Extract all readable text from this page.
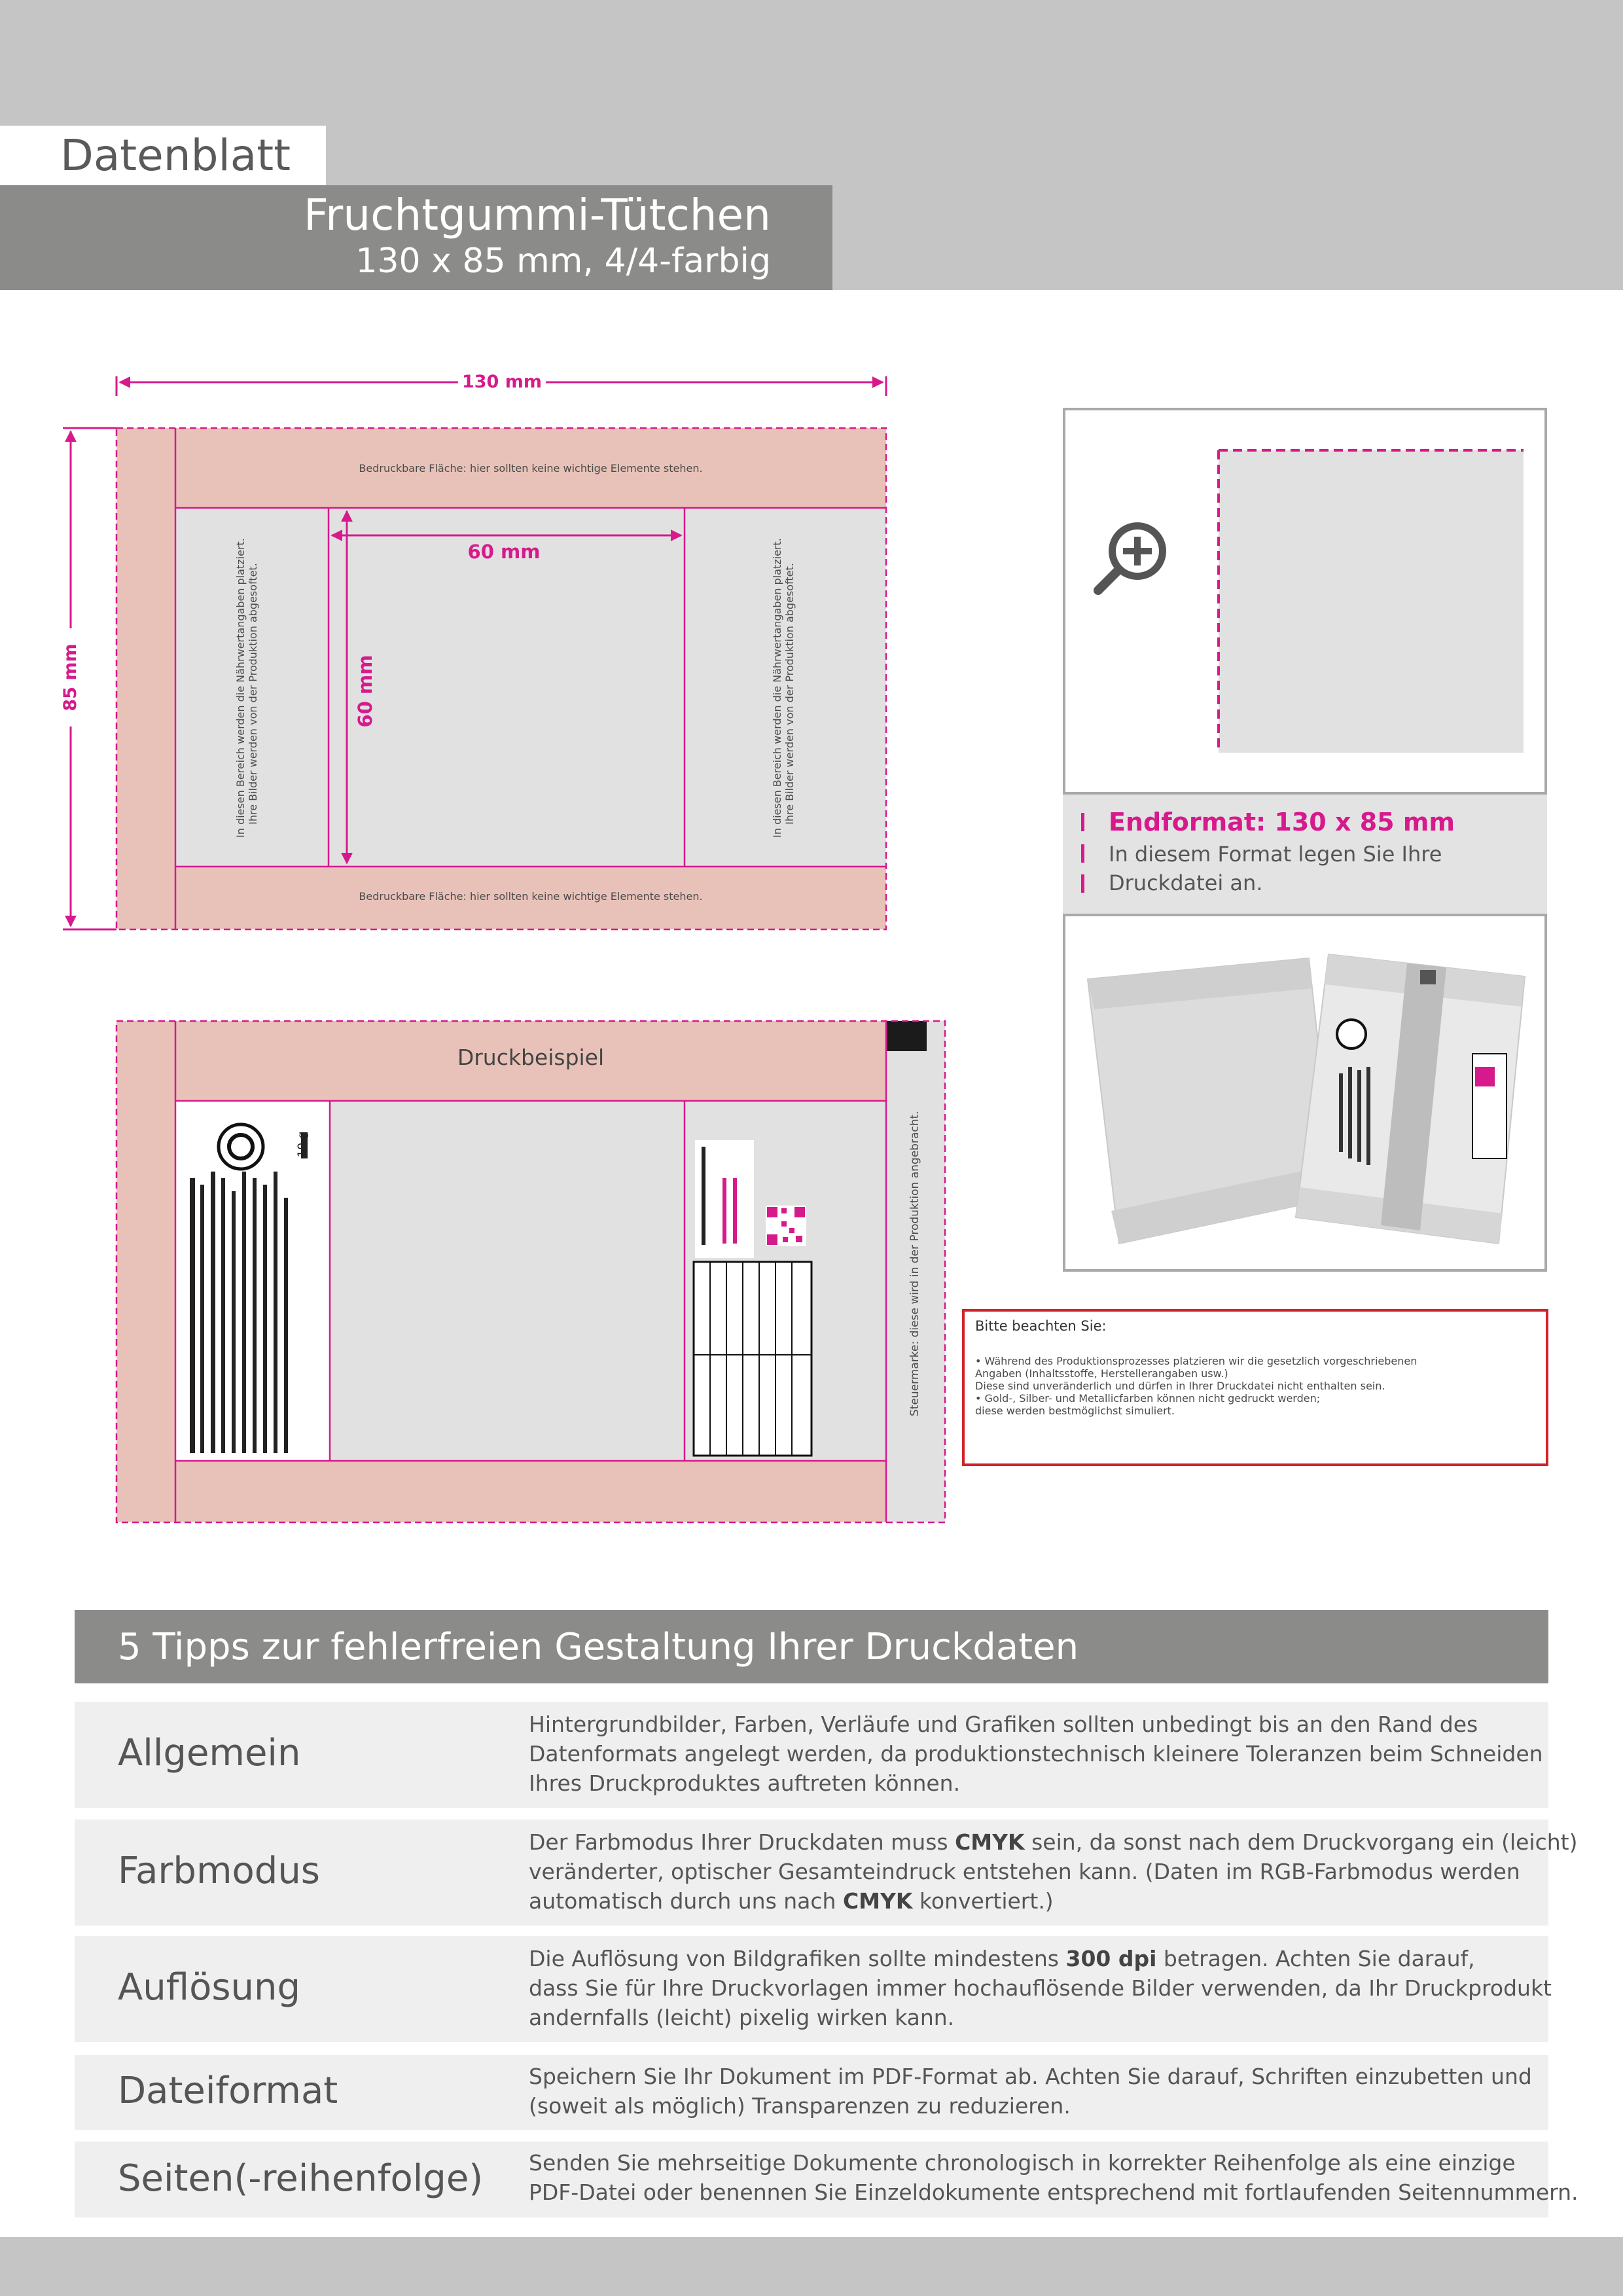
Datenblatt
Fruchtgummi-Tütchen
130 x 85 mm, 4/4-farbig
130 mm
85 mm
60 mm
60 mm
Bedruckbare Fläche: hier sollten keine wichtige Elemente stehen.
Bedruckbare Fläche: hier sollten keine wichtige Elemente stehen.
In diesen Bereich werden die Nährwertangaben platziert. Ihre Bilder werden von der Produktion abgesoftet.	In diesen Bereich werden die Nährwertangaben platziert. Ihre Bilder werden von der Produktion abgesoftet.
Druckbeispiel
Steuermarke: diese wird in der Produktion angebracht.
10 g
Endformat: 130 x 85 mm
In diesem Format legen Sie Ihre
Druckdatei an.
Bitte beachten Sie:
• Während des Produktionsprozesses platzieren wir die gesetzlich vorgeschriebenen
Angaben (Inhaltsstoffe, Herstellerangaben usw.)
Diese sind unveränderlich und dürfen in Ihrer Druckdatei nicht enthalten sein.
• Gold-, Silber- und Metallicfarben können nicht gedruckt werden;
diese werden bestmöglichst simuliert.
5 Tipps zur fehlerfreien Gestaltung Ihrer Druckdaten
Allgemein
Hintergrundbilder, Farben, Verläufe und Grafiken sollten unbedingt bis an den Rand des
Datenformats angelegt werden, da produktionstechnisch kleinere Toleranzen beim Schneiden
Ihres Druckproduktes auftreten können.
Farbmodus
Der Farbmodus Ihrer Druckdaten muss CMYK sein, da sonst nach dem Druckvorgang ein (leicht)
veränderter, optischer Gesamteindruck entstehen kann. (Daten im RGB-Farbmodus werden
automatisch durch uns nach CMYK konvertiert.)
Auflösung
Die Auflösung von Bildgrafiken sollte mindestens 300 dpi betragen. Achten Sie darauf,
dass Sie für Ihre Druckvorlagen immer hochauflösende Bilder verwenden, da Ihr Druckprodukt
andernfalls (leicht) pixelig wirken kann.
Dateiformat	Speichern Sie Ihr Dokument im PDF-Format ab. Achten Sie darauf, Schriften einzubetten und
(soweit als möglich) Transparenzen zu reduzieren.
Seiten(-reihenfolge) Senden Sie mehrseitige Dokumente chronologisch in korrekter Reihenfolge als eine einzige
PDF-Datei oder benennen Sie Einzeldokumente entsprechend mit fortlaufenden Seitennummern.
